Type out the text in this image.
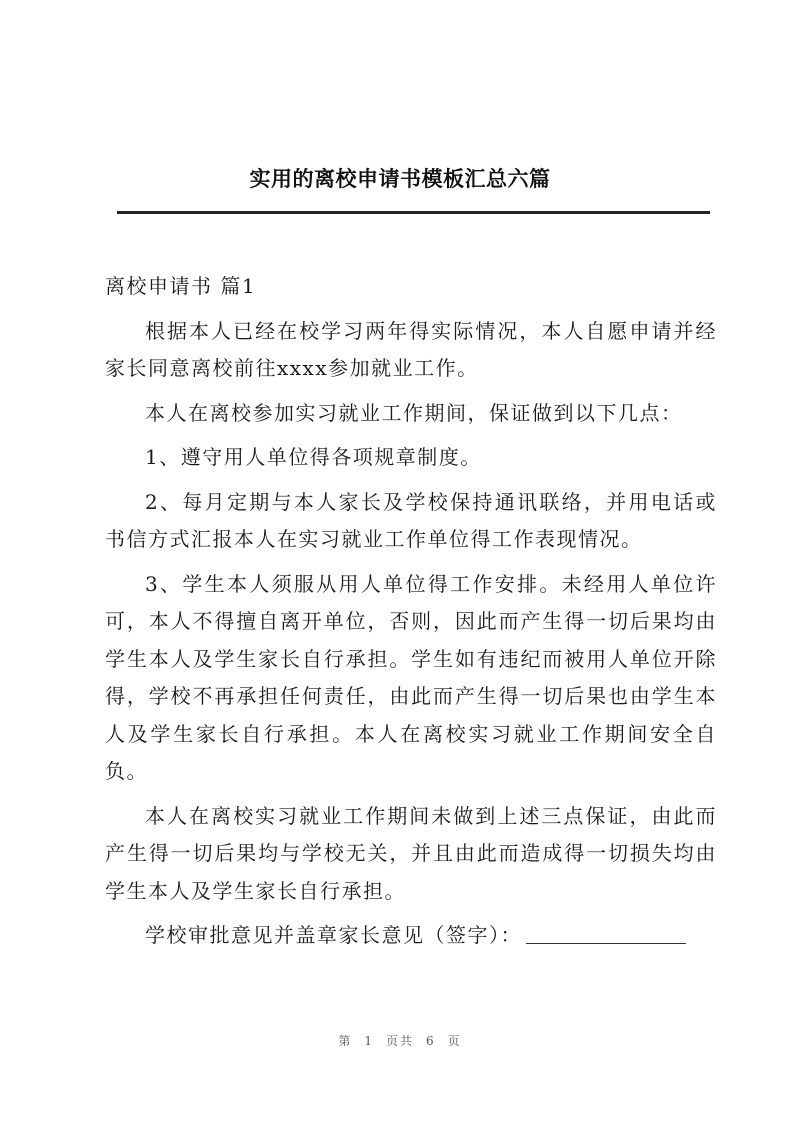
实用的离校申请书模板汇总六篇

离校申请书 篇1

根据本人已经在校学习两年得实际情况，本人自愿申请并经家长同意离校前往xxxx参加就业工作。

本人在离校参加实习就业工作期间，保证做到以下几点：

1、遵守用人单位得各项规章制度。

2、每月定期与本人家长及学校保持通讯联络，并用电话或书信方式汇报本人在实习就业工作单位得工作表现情况。

3、学生本人须服从用人单位得工作安排。未经用人单位许可，本人不得擅自离开单位，否则，因此而产生得一切后果均由学生本人及学生家长自行承担。学生如有违纪而被用人单位开除得，学校不再承担任何责任，由此而产生得一切后果也由学生本人及学生家长自行承担。本人在离校实习就业工作期间安全自负。

本人在离校实习就业工作期间未做到上述三点保证，由此而产生得一切后果均与学校无关，并且由此而造成得一切损失均由学生本人及学生家长自行承担。

学校审批意见并盖章家长意见（签字）：

第 1 页共 6 页
